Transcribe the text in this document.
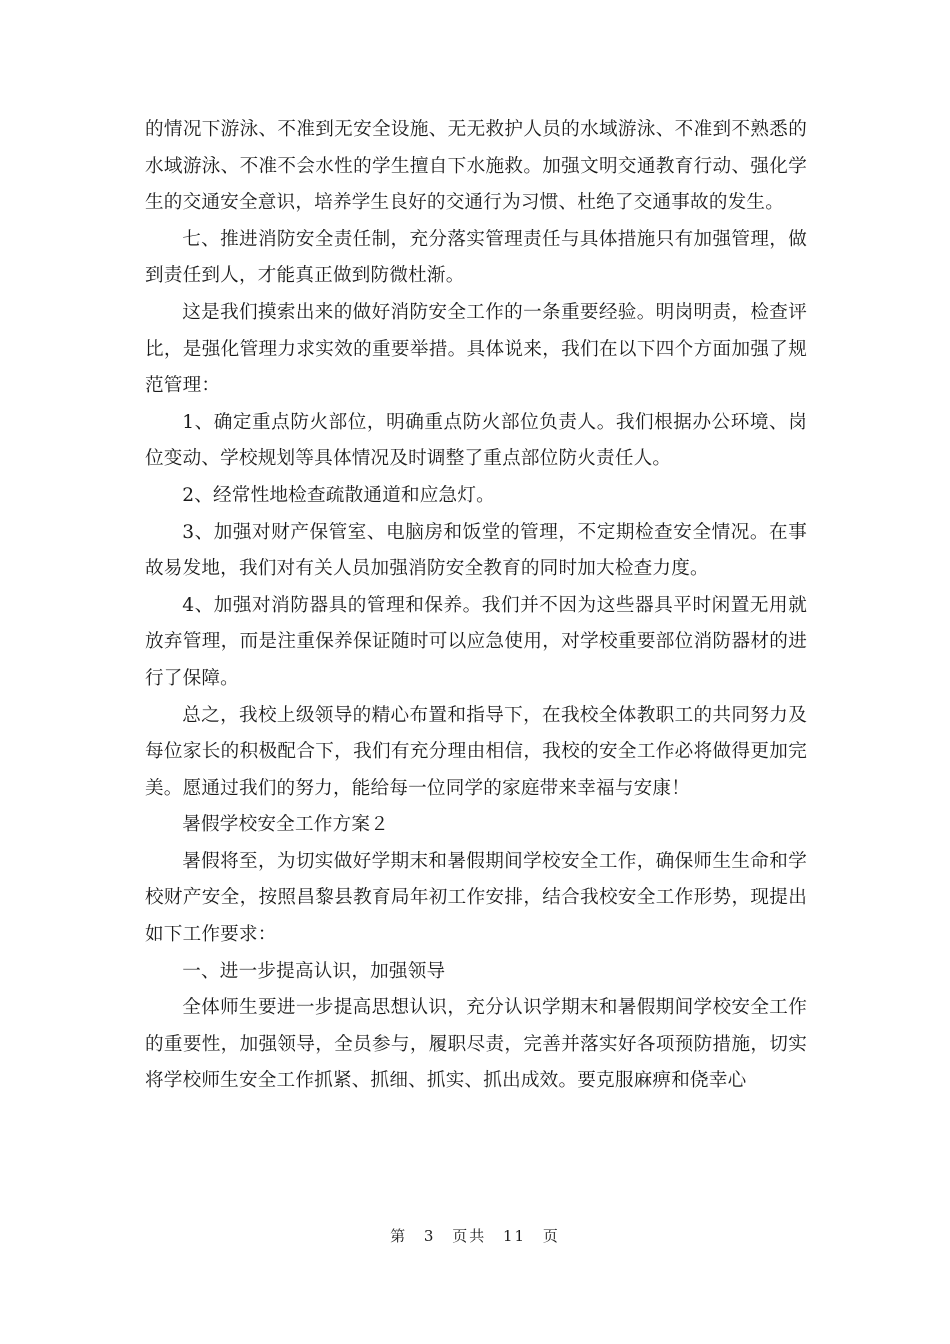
的情况下游泳、不准到无安全设施、无无救护人员的水域游泳、不准到不熟悉的水域游泳、不准不会水性的学生擅自下水施救。加强文明交通教育行动、强化学生的交通安全意识，培养学生良好的交通行为习惯、杜绝了交通事故的发生。

七、推进消防安全责任制，充分落实管理责任与具体措施只有加强管理，做到责任到人，才能真正做到防微杜渐。

这是我们摸索出来的做好消防安全工作的一条重要经验。明岗明责，检查评比，是强化管理力求实效的重要举措。具体说来，我们在以下四个方面加强了规范管理：

1、确定重点防火部位，明确重点防火部位负责人。我们根据办公环境、岗位变动、学校规划等具体情况及时调整了重点部位防火责任人。

2、经常性地检查疏散通道和应急灯。

3、加强对财产保管室、电脑房和饭堂的管理，不定期检查安全情况。在事故易发地，我们对有关人员加强消防安全教育的同时加大检查力度。

4、加强对消防器具的管理和保养。我们并不因为这些器具平时闲置无用就放弃管理，而是注重保养保证随时可以应急使用，对学校重要部位消防器材的进行了保障。

总之，我校上级领导的精心布置和指导下，在我校全体教职工的共同努力及每位家长的积极配合下，我们有充分理由相信，我校的安全工作必将做得更加完美。愿通过我们的努力，能给每一位同学的家庭带来幸福与安康！

暑假学校安全工作方案２

暑假将至，为切实做好学期末和暑假期间学校安全工作，确保师生生命和学校财产安全，按照昌黎县教育局年初工作安排，结合我校安全工作形势，现提出如下工作要求：

一、进一步提高认识，加强领导

全体师生要进一步提高思想认识，充分认识学期末和暑假期间学校安全工作的重要性，加强领导，全员参与，履职尽责，完善并落实好各项预防措施，切实将学校师生安全工作抓紧、抓细、抓实、抓出成效。要克服麻痹和侥幸心

第 3 页共 11 页
